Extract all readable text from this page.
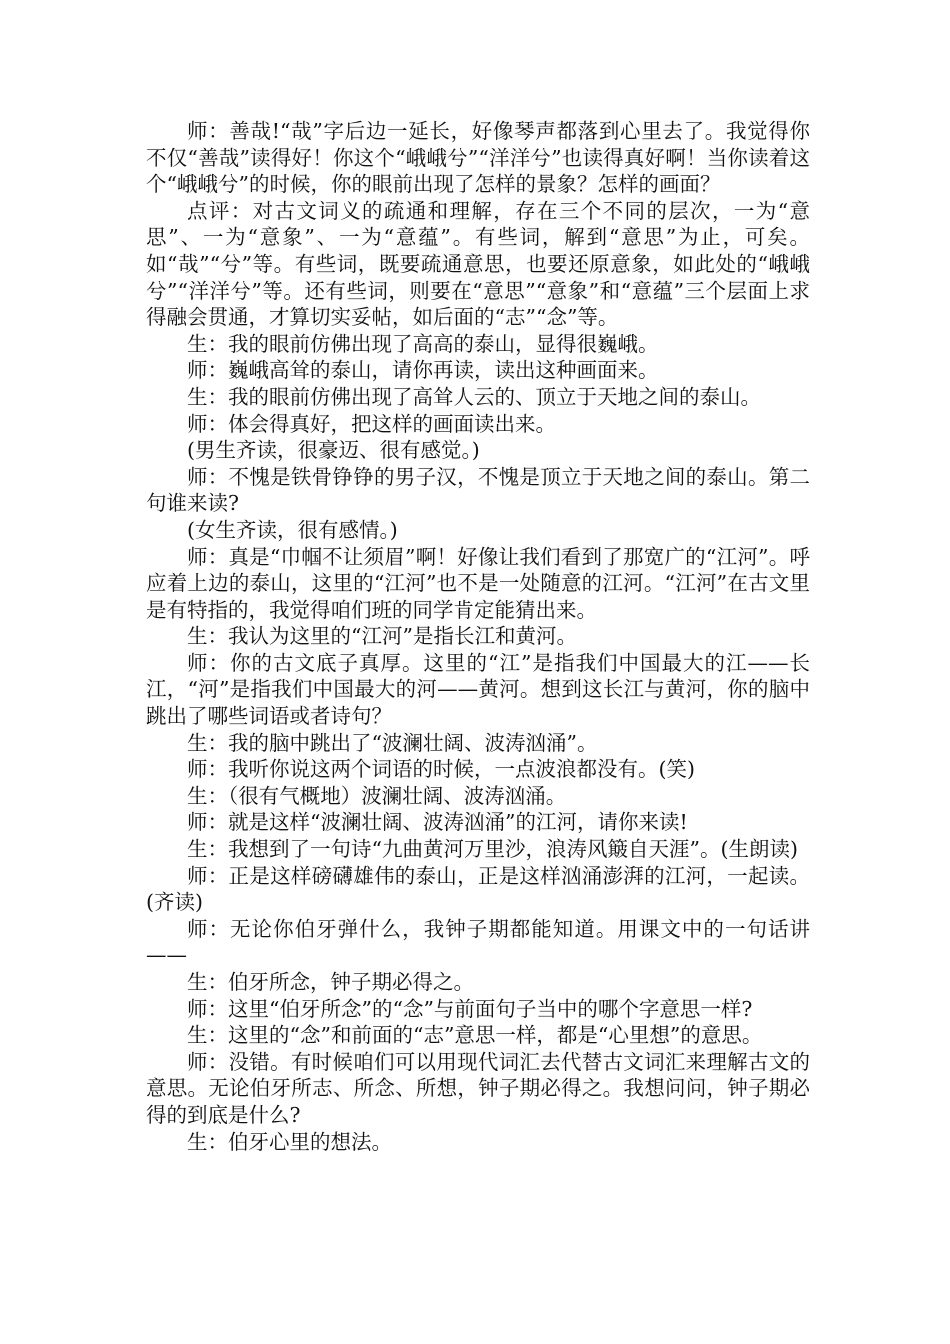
师：善哉!“哉”字后边一延长，好像琴声都落到心里去了。我觉得你不仅“善哉”读得好！你这个“峨峨兮”“洋洋兮”也读得真好啊！当你读着这个“峨峨兮”的时候，你的眼前出现了怎样的景象？怎样的画面？

点评：对古文词义的疏通和理解，存在三个不同的层次，一为“意思”、一为“意象”、一为“意蕴”。有些词，解到“意思”为止，可矣。如“哉”“兮”等。有些词，既要疏通意思，也要还原意象，如此处的“峨峨兮”“洋洋兮”等。还有些词，则要在“意思”“意象”和“意蕴”三个层面上求得融会贯通，才算切实妥帖，如后面的“志”“念”等。

生：我的眼前仿佛出现了高高的泰山，显得很巍峨。

师：巍峨高耸的泰山，请你再读，读出这种画面来。

生：我的眼前仿佛出现了高耸人云的、顶立于天地之间的泰山。

师：体会得真好，把这样的画面读出来。

(男生齐读，很豪迈、很有感觉。)

师：不愧是铁骨铮铮的男子汉，不愧是顶立于天地之间的泰山。第二句谁来读?

(女生齐读，很有感情。)

师：真是“巾帼不让须眉”啊！好像让我们看到了那宽广的“江河”。呼应着上边的泰山，这里的“江河”也不是一处随意的江河。“江河”在古文里是有特指的，我觉得咱们班的同学肯定能猜出来。

生：我认为这里的“江河”是指长江和黄河。

师：你的古文底子真厚。这里的“江”是指我们中国最大的江——长江，“河”是指我们中国最大的河——黄河。想到这长江与黄河，你的脑中跳出了哪些词语或者诗句？

生：我的脑中跳出了“波澜壮阔、波涛汹涌”。

师：我听你说这两个词语的时候，一点波浪都没有。(笑)

生：（很有气概地）波澜壮阔、波涛汹涌。

师：就是这样“波澜壮阔、波涛汹涌”的江河，请你来读!

生：我想到了一句诗“九曲黄河万里沙，浪涛风簸自天涯”。(生朗读)

师：正是这样磅礴雄伟的泰山，正是这样汹涌澎湃的江河，一起读。(齐读)

师：无论你伯牙弹什么，我钟子期都能知道。用课文中的一句话讲——

生：伯牙所念，钟子期必得之。

师：这里“伯牙所念”的“念”与前面句子当中的哪个字意思一样?

生：这里的“念”和前面的“志”意思一样，都是“心里想”的意思。

师：没错。有时候咱们可以用现代词汇去代替古文词汇来理解古文的意思。无论伯牙所志、所念、所想，钟子期必得之。我想问问，钟子期必得的到底是什么?

生：伯牙心里的想法。
